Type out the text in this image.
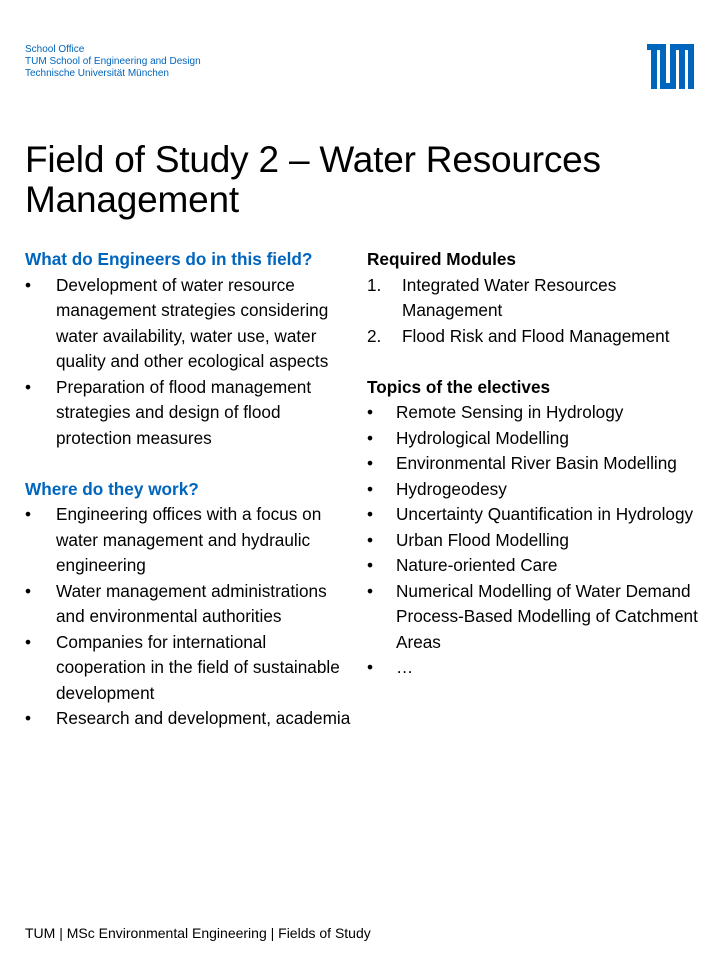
School Office
TUM School of Engineering and Design
Technische Universität München
Field of Study 2 – Water Resources Management
What do Engineers do in this field?
• Development of water resource management strategies considering water availability, water use, water quality and other ecological aspects
• Preparation of flood management strategies and design of flood protection measures
Where do they work?
• Engineering offices with a focus on water management and hydraulic engineering
• Water management administrations and environmental authorities
• Companies for international cooperation in the field of sustainable development
• Research and development, academia
Required Modules
1. Integrated Water Resources Management
2. Flood Risk and Flood Management
Topics of the electives
• Remote Sensing in Hydrology
• Hydrological Modelling
• Environmental River Basin Modelling
• Hydrogeodesy
• Uncertainty Quantification in Hydrology
• Urban Flood Modelling
• Nature-oriented Care
• Numerical Modelling of Water Demand Process-Based Modelling of Catchment Areas
• …
TUM | MSc Environmental Engineering | Fields of Study
